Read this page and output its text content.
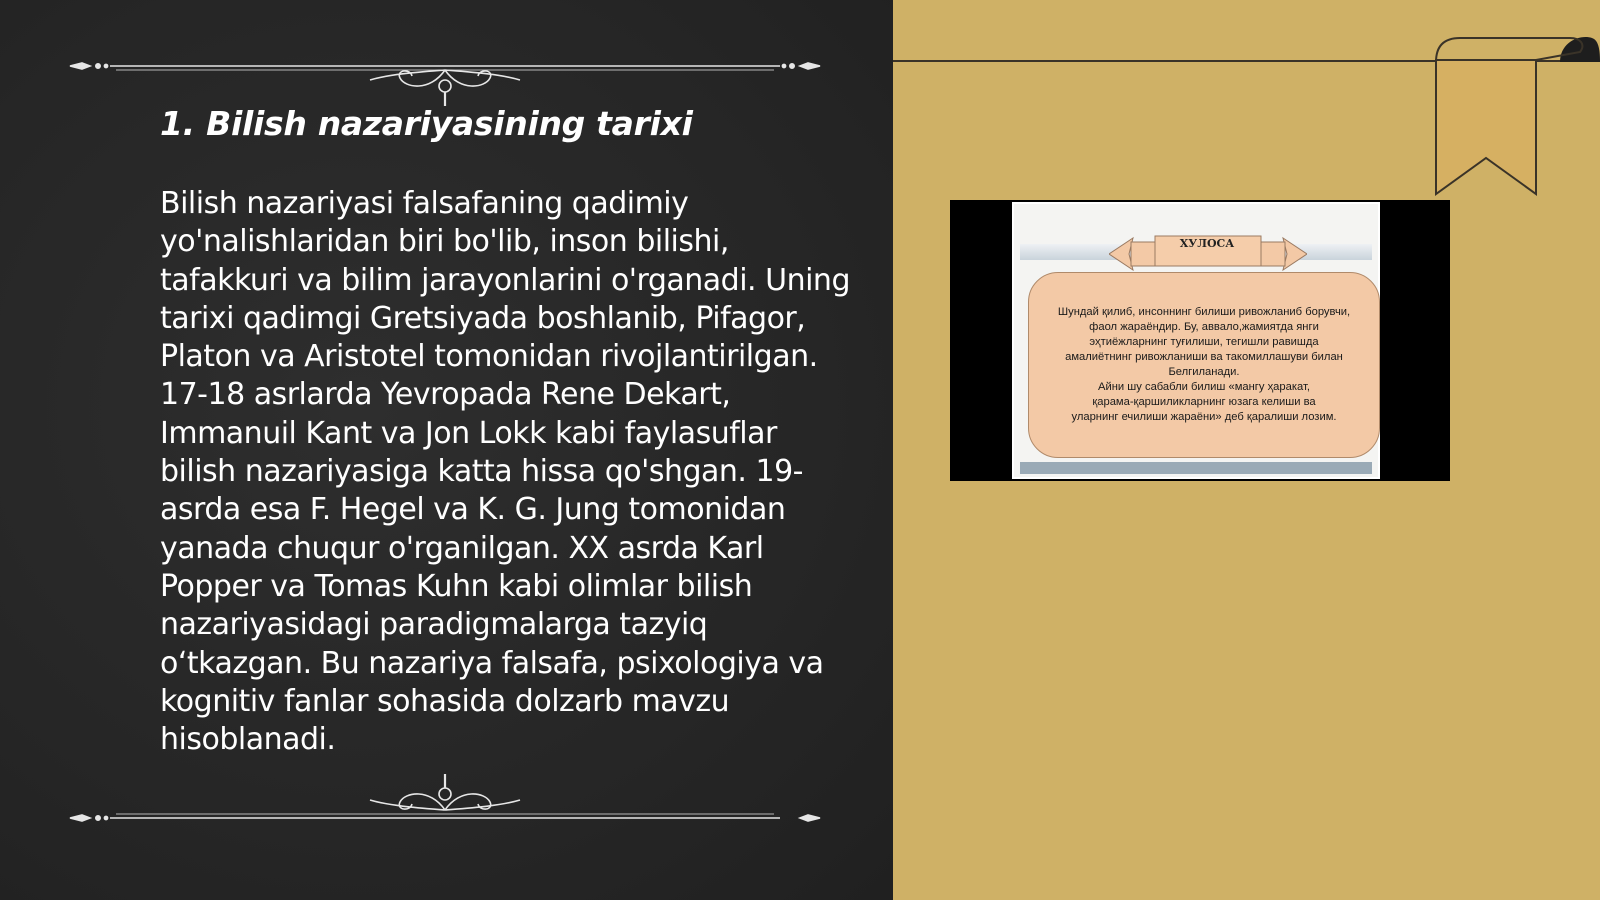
1. Bilish nazariyasining tarixi

Bilish nazariyasi falsafaning qadimiy yo'nalishlaridan biri bo'lib, inson bilishi, tafakkuri va bilim jarayonlarini o'rganadi. Uning tarixi qadimgi Gretsiyada boshlanib, Pifagor, Platon va Aristotel tomonidan rivojlantirilgan. 17-18 asrlarda Yevropada Rene Dekart, Immanuil Kant va Jon Lokk kabi faylasuflar bilish nazariyasiga katta hissa qo'shgan. 19-asrda esa F. Hegel va K. G. Jung tomonidan yanada chuqur o'rganilgan. XX asrda Karl Popper va Tomas Kuhn kabi olimlar bilish nazariyasidagi paradigmalarga tazyiq o‘tkazgan. Bu nazariya falsafa, psixologiya va kognitiv fanlar sohasida dolzarb mavzu hisoblanadi.

ХУЛОСА

Шундай қилиб, инсоннинг билиши ривожланиб борувчи,
фаол жараёндир. Бу, аввало,жамиятда янги
эҳтиёжларнинг туғилиши, тегишли равишда
амалиётнинг ривожланиши ва такомиллашуви билан
Белгиланади.
Айни шу сабабли билиш «мангу ҳаракат,
қарама-қаршиликларнинг юзага келиши ва
уларнинг ечилиши жараёни» деб қаралиши лозим.
